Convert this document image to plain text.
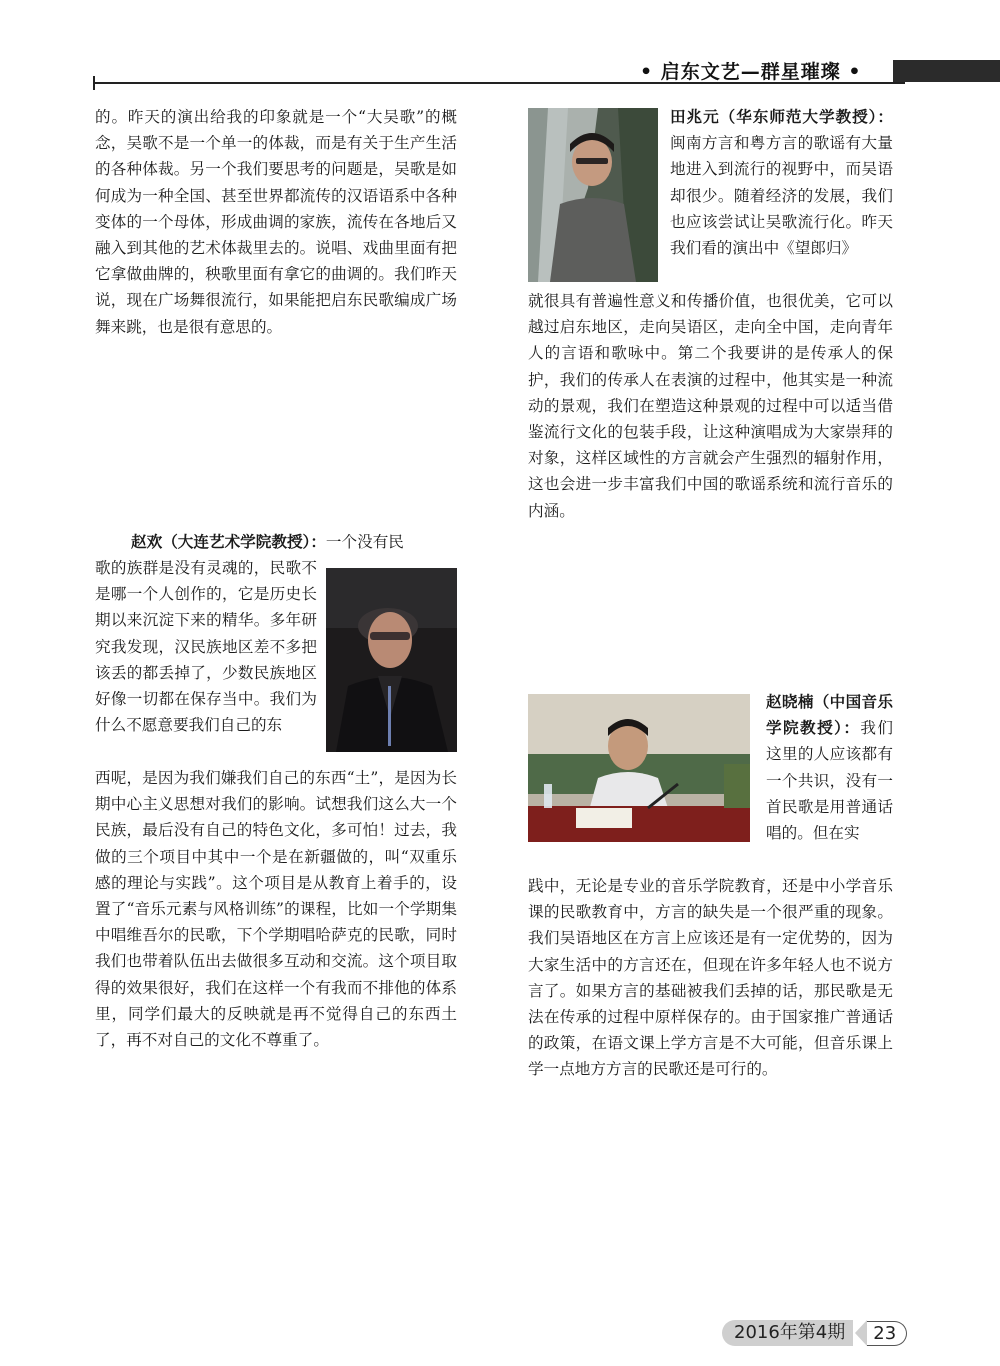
• 启东文艺—群星璀璨 •

的。昨天的演出给我的印象就是一个“大吴歌”的概念，吴歌不是一个单一的体裁，而是有关于生产生活的各种体裁。另一个我们要思考的问题是，吴歌是如何成为一种全国、甚至世界都流传的汉语语系中各种变体的一个母体，形成曲调的家族，流传在各地后又融入到其他的艺术体裁里去的。说唱、戏曲里面有把它拿做曲牌的，秧歌里面有拿它的曲调的。我们昨天说，现在广场舞很流行，如果能把启东民歌编成广场舞来跳，也是很有意思的。

赵欢（大连艺术学院教授）：一个没有民

歌的族群是没有灵魂的，民歌不是哪一个人创作的，它是历史长期以来沉淀下来的精华。多年研究我发现，汉民族地区差不多把该丢的都丢掉了，少数民族地区好像一切都在保存当中。我们为什么不愿意要我们自己的东

西呢，是因为我们嫌我们自己的东西“土”，是因为长期中心主义思想对我们的影响。试想我们这么大一个民族，最后没有自己的特色文化，多可怕！过去，我做的三个项目中其中一个是在新疆做的，叫“双重乐感的理论与实践”。这个项目是从教育上着手的，设置了“音乐元素与风格训练”的课程，比如一个学期集中唱维吾尔的民歌，下个学期唱哈萨克的民歌，同时我们也带着队伍出去做很多互动和交流。这个项目取得的效果很好，我们在这样一个有我而不排他的体系里，同学们最大的反映就是再不觉得自己的东西土了，再不对自己的文化不尊重了。

田兆元（华东师范大学教授）：闽南方言和粤方言的歌谣有大量地进入到流行的视野中，而吴语却很少。随着经济的发展，我们也应该尝试让吴歌流行化。昨天我们看的演出中《望郎归》

就很具有普遍性意义和传播价值，也很优美，它可以越过启东地区，走向吴语区，走向全中国，走向青年人的言语和歌咏中。第二个我要讲的是传承人的保护，我们的传承人在表演的过程中，他其实是一种流动的景观，我们在塑造这种景观的过程中可以适当借鉴流行文化的包装手段，让这种演唱成为大家崇拜的对象，这样区域性的方言就会产生强烈的辐射作用，这也会进一步丰富我们中国的歌谣系统和流行音乐的内涵。

赵晓楠（中国音乐学院教授）：我们这里的人应该都有一个共识，没有一首民歌是用普通话唱的。但在实

践中，无论是专业的音乐学院教育，还是中小学音乐课的民歌教育中，方言的缺失是一个很严重的现象。我们吴语地区在方言上应该还是有一定优势的，因为大家生活中的方言还在，但现在许多年轻人也不说方言了。如果方言的基础被我们丢掉的话，那民歌是无法在传承的过程中原样保存的。由于国家推广普通话的政策，在语文课上学方言是不大可能，但音乐课上学一点地方方言的民歌还是可行的。

2016年第4期	23
